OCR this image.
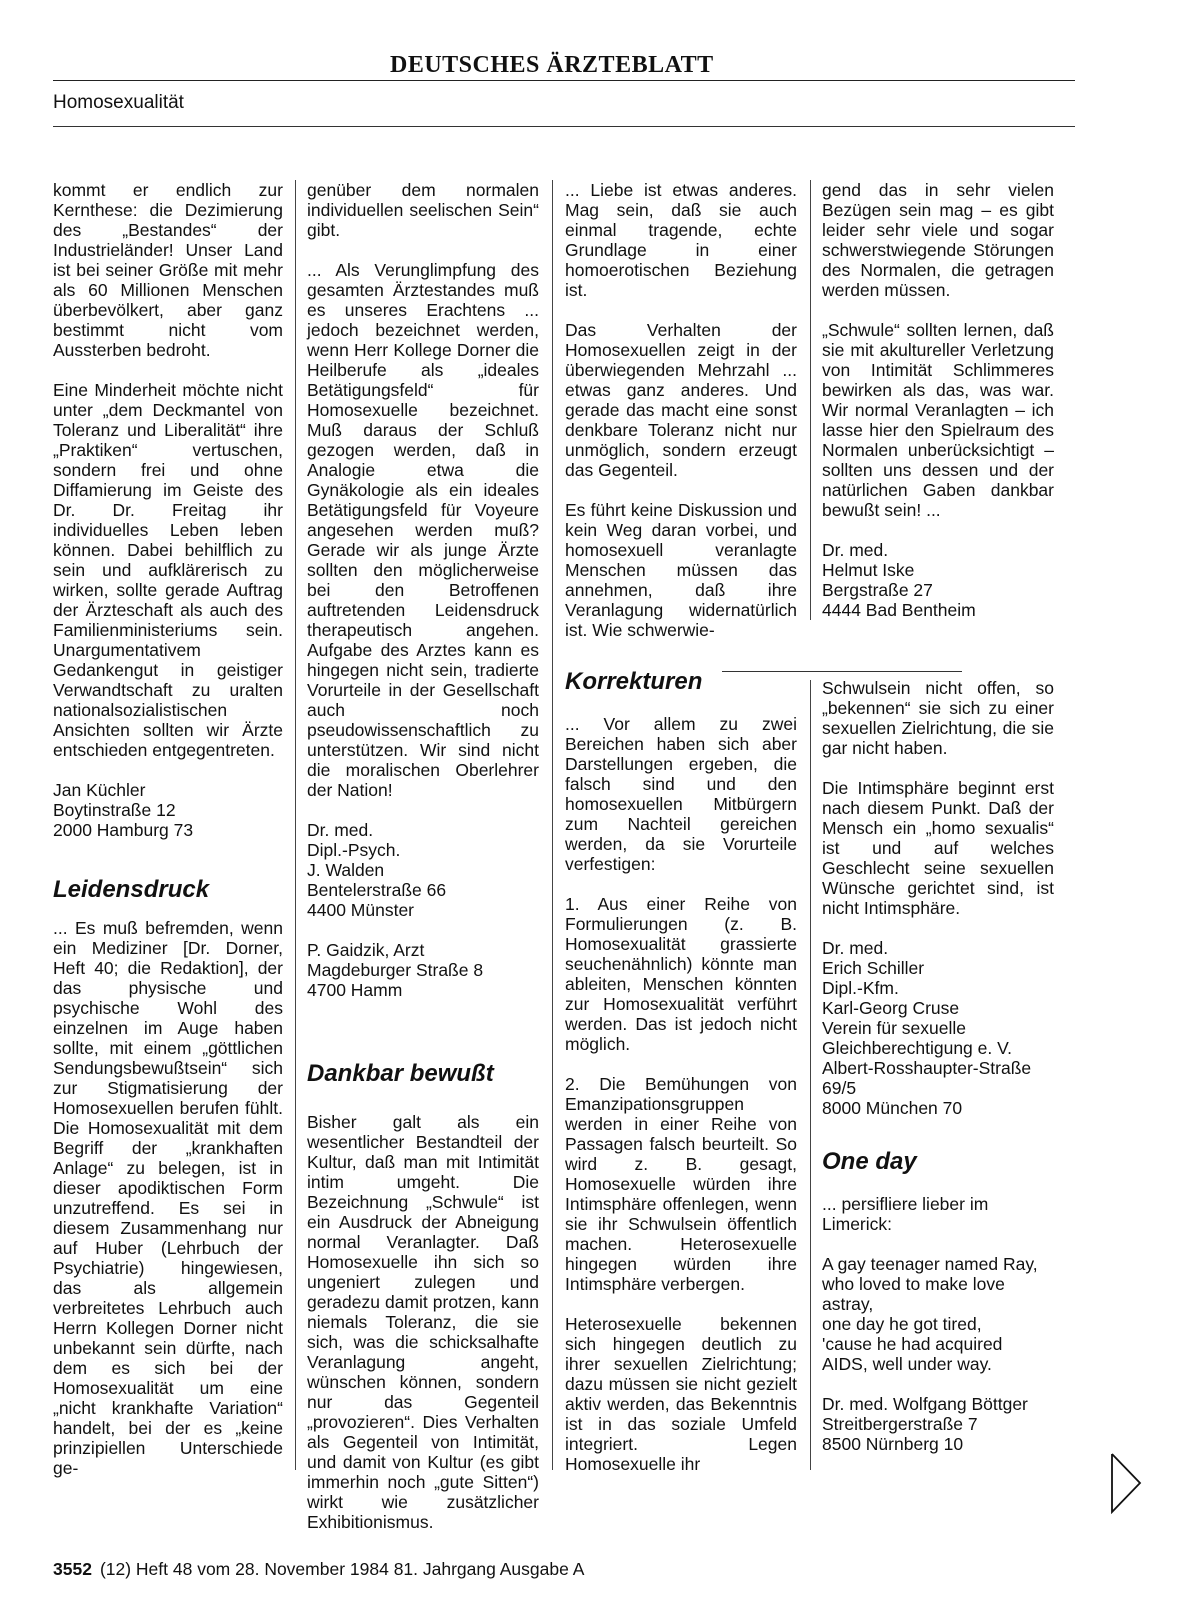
DEUTSCHES ÄRZTEBLATT
Homosexualität

kommt er endlich zur Kernthese: die Dezimierung des „Bestandes“ der Industrieländer! Unser Land ist bei seiner Größe mit mehr als 60 Millionen Menschen überbevölkert, aber ganz bestimmt nicht vom Aussterben bedroht.

Eine Minderheit möchte nicht unter „dem Deckmantel von Toleranz und Liberalität“ ihre „Praktiken“ vertuschen, sondern frei und ohne Diffamierung im Geiste des Dr. Dr. Freitag ihr individuelles Leben leben können. Dabei behilflich zu sein und aufklärerisch zu wirken, sollte gerade Auftrag der Ärzteschaft als auch des Familienministeriums sein. Unargumentativem Gedankengut in geistiger Verwandtschaft zu uralten nationalsozialistischen Ansichten sollten wir Ärzte entschieden entgegentreten.

Jan Küchler
Boytinstraße 12
2000 Hamburg 73

Leidensdruck

... Es muß befremden, wenn ein Mediziner [Dr. Dorner, Heft 40; die Redaktion], der das physische und psychische Wohl des einzelnen im Auge haben sollte, mit einem „göttlichen Sendungsbewußtsein“ sich zur Stigmatisierung der Homosexuellen berufen fühlt. Die Homosexualität mit dem Begriff der „krankhaften Anlage“ zu belegen, ist in dieser apodiktischen Form unzutreffend. Es sei in diesem Zusammenhang nur auf Huber (Lehrbuch der Psychiatrie) hingewiesen, das als allgemein verbreitetes Lehrbuch auch Herrn Kollegen Dorner nicht unbekannt sein dürfte, nach dem es sich bei der Homosexualität um eine „nicht krankhafte Variation“ handelt, bei der es „keine prinzipiellen Unterschiede ge-

genüber dem normalen individuellen seelischen Sein“ gibt.

... Als Verunglimpfung des gesamten Ärztestandes muß es unseres Erachtens ... jedoch bezeichnet werden, wenn Herr Kollege Dorner die Heilberufe als „ideales Betätigungsfeld“ für Homosexuelle bezeichnet. Muß daraus der Schluß gezogen werden, daß in Analogie etwa die Gynäkologie als ein ideales Betätigungsfeld für Voyeure angesehen werden muß? Gerade wir als junge Ärzte sollten den möglicherweise bei den Betroffenen auftretenden Leidensdruck therapeutisch angehen. Aufgabe des Arztes kann es hingegen nicht sein, tradierte Vorurteile in der Gesellschaft auch noch pseudowissenschaftlich zu unterstützen. Wir sind nicht die moralischen Oberlehrer der Nation!

Dr. med.
Dipl.-Psych.
J. Walden
Bentelerstraße 66
4400 Münster

P. Gaidzik, Arzt
Magdeburger Straße 8
4700 Hamm

Dankbar bewußt

Bisher galt als ein wesentlicher Bestandteil der Kultur, daß man mit Intimität intim umgeht. Die Bezeichnung „Schwule“ ist ein Ausdruck der Abneigung normal Veranlagter. Daß Homosexuelle ihn sich so ungeniert zulegen und geradezu damit protzen, kann niemals Toleranz, die sie sich, was die schicksalhafte Veranlagung angeht, wünschen können, sondern nur das Gegenteil „provozieren“. Dies Verhalten als Gegenteil von Intimität, und damit von Kultur (es gibt immerhin noch „gute Sitten“) wirkt wie zusätzlicher Exhibitionismus.

... Liebe ist etwas anderes. Mag sein, daß sie auch einmal tragende, echte Grundlage in einer homoerotischen Beziehung ist.

Das Verhalten der Homosexuellen zeigt in der überwiegenden Mehrzahl ... etwas ganz anderes. Und gerade das macht eine sonst denkbare Toleranz nicht nur unmöglich, sondern erzeugt das Gegenteil.

Es führt keine Diskussion und kein Weg daran vorbei, und homosexuell veranlagte Menschen müssen das annehmen, daß ihre Veranlagung widernatürlich ist. Wie schwerwie-

gend das in sehr vielen Bezügen sein mag – es gibt leider sehr viele und sogar schwerstwiegende Störungen des Normalen, die getragen werden müssen.

„Schwule“ sollten lernen, daß sie mit akultureller Verletzung von Intimität Schlimmeres bewirken als das, was war. Wir normal Veranlagten – ich lasse hier den Spielraum des Normalen unberücksichtigt – sollten uns dessen und der natürlichen Gaben dankbar bewußt sein! ...

Dr. med.
Helmut Iske
Bergstraße 27
4444 Bad Bentheim

Korrekturen

... Vor allem zu zwei Bereichen haben sich aber Darstellungen ergeben, die falsch sind und den homosexuellen Mitbürgern zum Nachteil gereichen werden, da sie Vorurteile verfestigen:

1. Aus einer Reihe von Formulierungen (z. B. Homosexualität grassierte seuchenähnlich) könnte man ableiten, Menschen könnten zur Homosexualität verführt werden. Das ist jedoch nicht möglich.

2. Die Bemühungen von Emanzipationsgruppen werden in einer Reihe von Passagen falsch beurteilt. So wird z. B. gesagt, Homosexuelle würden ihre Intimsphäre offenlegen, wenn sie ihr Schwulsein öffentlich machen. Heterosexuelle hingegen würden ihre Intimsphäre verbergen.

Heterosexuelle bekennen sich hingegen deutlich zu ihrer sexuellen Zielrichtung; dazu müssen sie nicht gezielt aktiv werden, das Bekenntnis ist in das soziale Umfeld integriert. Legen Homosexuelle ihr

Schwulsein nicht offen, so „bekennen“ sie sich zu einer sexuellen Zielrichtung, die sie gar nicht haben.

Die Intimsphäre beginnt erst nach diesem Punkt. Daß der Mensch ein „homo sexualis“ ist und auf welches Geschlecht seine sexuellen Wünsche gerichtet sind, ist nicht Intimsphäre.

Dr. med.
Erich Schiller
Dipl.-Kfm.
Karl-Georg Cruse
Verein für sexuelle
Gleichberechtigung e. V.
Albert-Rosshaupter-Straße
69/5
8000 München 70

One day

... persifliere lieber im Limerick:

A gay teenager named Ray,
who loved to make love
astray,
one day he got tired,
'cause he had acquired
AIDS, well under way.

Dr. med. Wolfgang Böttger
Streitbergerstraße 7
8500 Nürnberg 10

3552 (12) Heft 48 vom 28. November 1984 81. Jahrgang Ausgabe A
